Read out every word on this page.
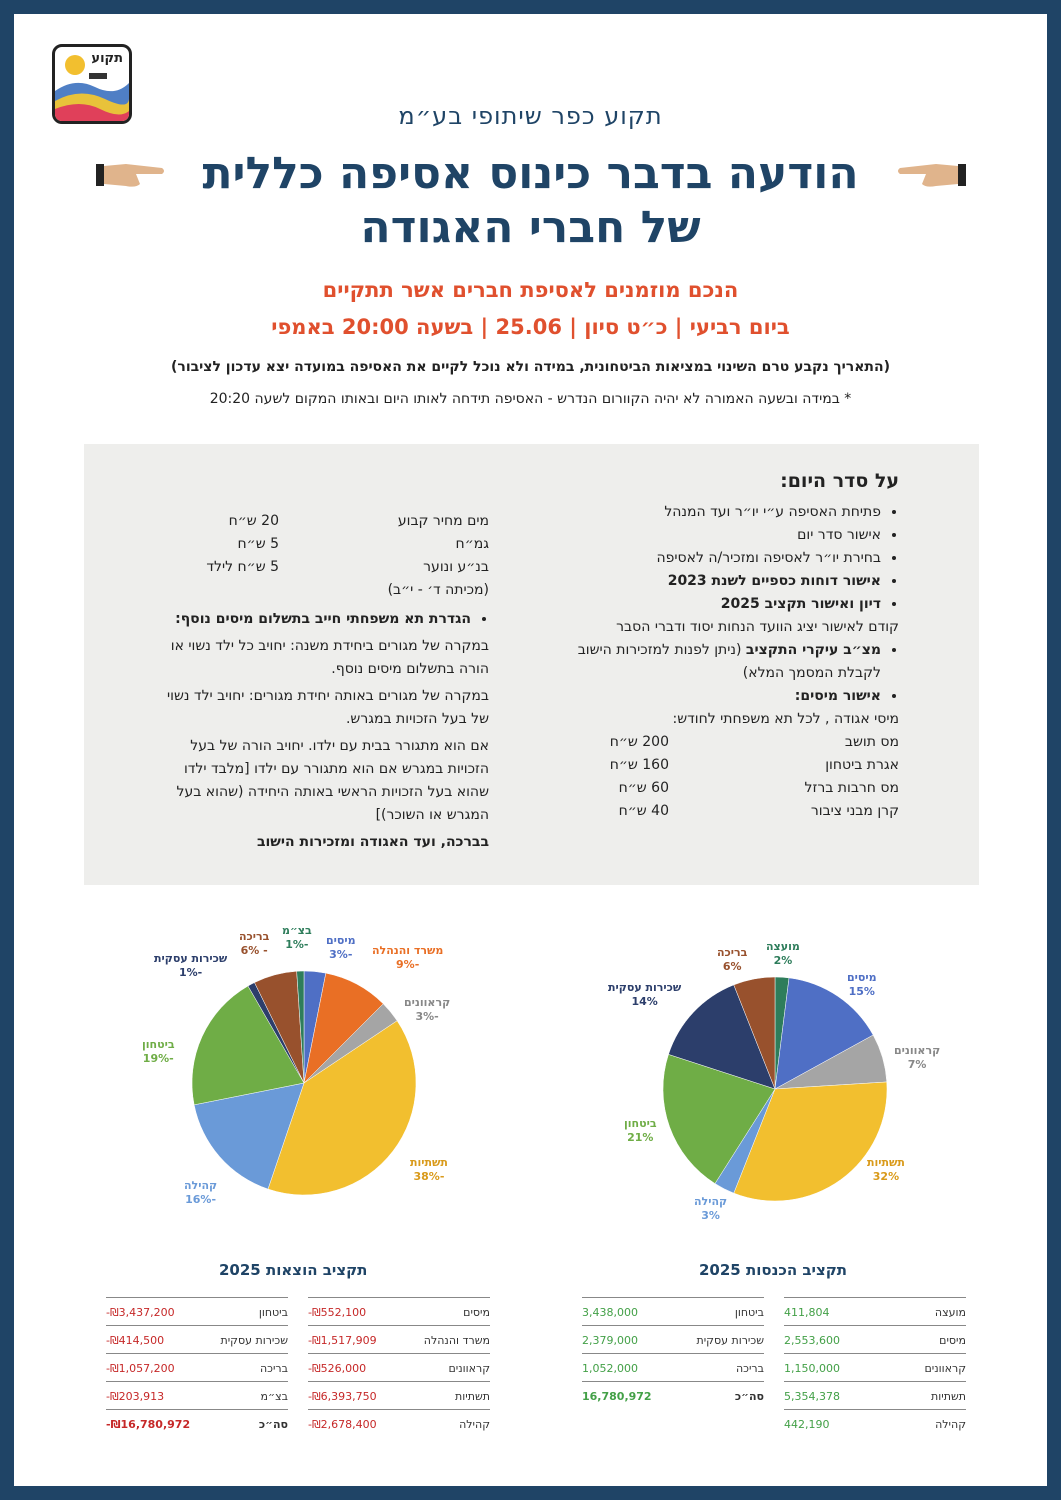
תקוע
תקוע כפר שיתופי בע״מ
הודעה בדבר כינוס אסיפה כללית
של חברי האגודה
הנכם מוזמנים לאסיפת חברים אשר תתקיים
ביום רביעי | כ״ט סיון | 25.06 | בשעה 20:00 באמפי
(התאריך נקבע טרם השינוי במציאות הביטחונית, במידה ולא נוכל לקיים את האסיפה במועדה יצא עדכון לציבור)
* במידה ובשעה האמורה לא יהיה הקוורום הנדרש - האסיפה תידחה לאותו היום ובאותו המקום לשעה 20:20
על סדר היום:
• פתיחת האסיפה ע״י יו״ר ועד המנהל
• אישור סדר יום
• בחירת יו״ר לאסיפה ומזכיר/ה לאסיפה
• אישור דוחות כספיים לשנת 2023
• דיון ואישור תקציב 2025
קודם לאישור יציג הוועד הנחות יסוד ודברי הסבר
• מצ״ב עיקרי התקציב (ניתן לפנות למזכירות הישוב לקבלת המסמך המלא)
• אישור מיסים:
מיסי אגודה , לכל תא משפחתי לחודש:
מס תושב
200 ש״ח
אגרת ביטחון
160 ש״ח
מס חרבות ברזל
60 ש״ח
קרן מבני ציבור
40 ש״ח
מים מחיר קבוע
20 ש״ח
גמ״ח
5 ש״ח
בנ״ע ונוער
5 ש״ח לילד
(מכיתה ד׳ - י״ב)
• הגדרת תא משפחתי חייב בתשלום מיסים נוסף:
במקרה של מגורים ביחידת משנה: יחויב כל ילד נשוי או הורה בתשלום מיסים נוסף.
במקרה של מגורים באותה יחידת מגורים: יחויב ילד נשוי של בעל הזכויות במגרש.
אם הוא מתגורר בבית עם ילדו. יחויב הורה של בעל הזכויות במגרש אם הוא מתגורר עם ילדו [מלבד ילדו שהוא בעל הזכויות הראשי באותה היחידה (שהוא בעל המגרש או השוכר)]
בברכה, ועד האגודה ומזכירות הישוב
תקציב הוצאות 2025	תקציב הכנסות 2025
מיסים
-₪552,100
משרד והנהלה
-₪1,517,909
קראוונים
-₪526,000
תשתיות
-₪6,393,750
קהילה
-₪2,678,400
ביטחון
-₪3,437,200
שכירות עסקית
-₪414,500
בריכה
-₪1,057,200
בצ״מ
-₪203,913
סה״כ
-₪16,780,972
מועצה
411,804
מיסים
2,553,600
קראוונים
1,150,000
תשתיות
5,354,378
קהילה
442,190
ביטחון
3,438,000
שכירות עסקית
2,379,000
בריכה
1,052,000
סה״כ
16,780,972
מיסים
-3% משרד והנהלה
-9%
קראוונים
-3%
תשתיות
-38%
קהילה
-16%
ביטחון
-19%
שכירות עסקית
-1%
בריכה
- 6%
בצ״מ
-1%	מועצה
2%
מיסים
15%
קראוונים
7%
תשתיות
32%
קהילה
3%
ביטחון
21%
שכירות עסקית
14%
בריכה
6%
